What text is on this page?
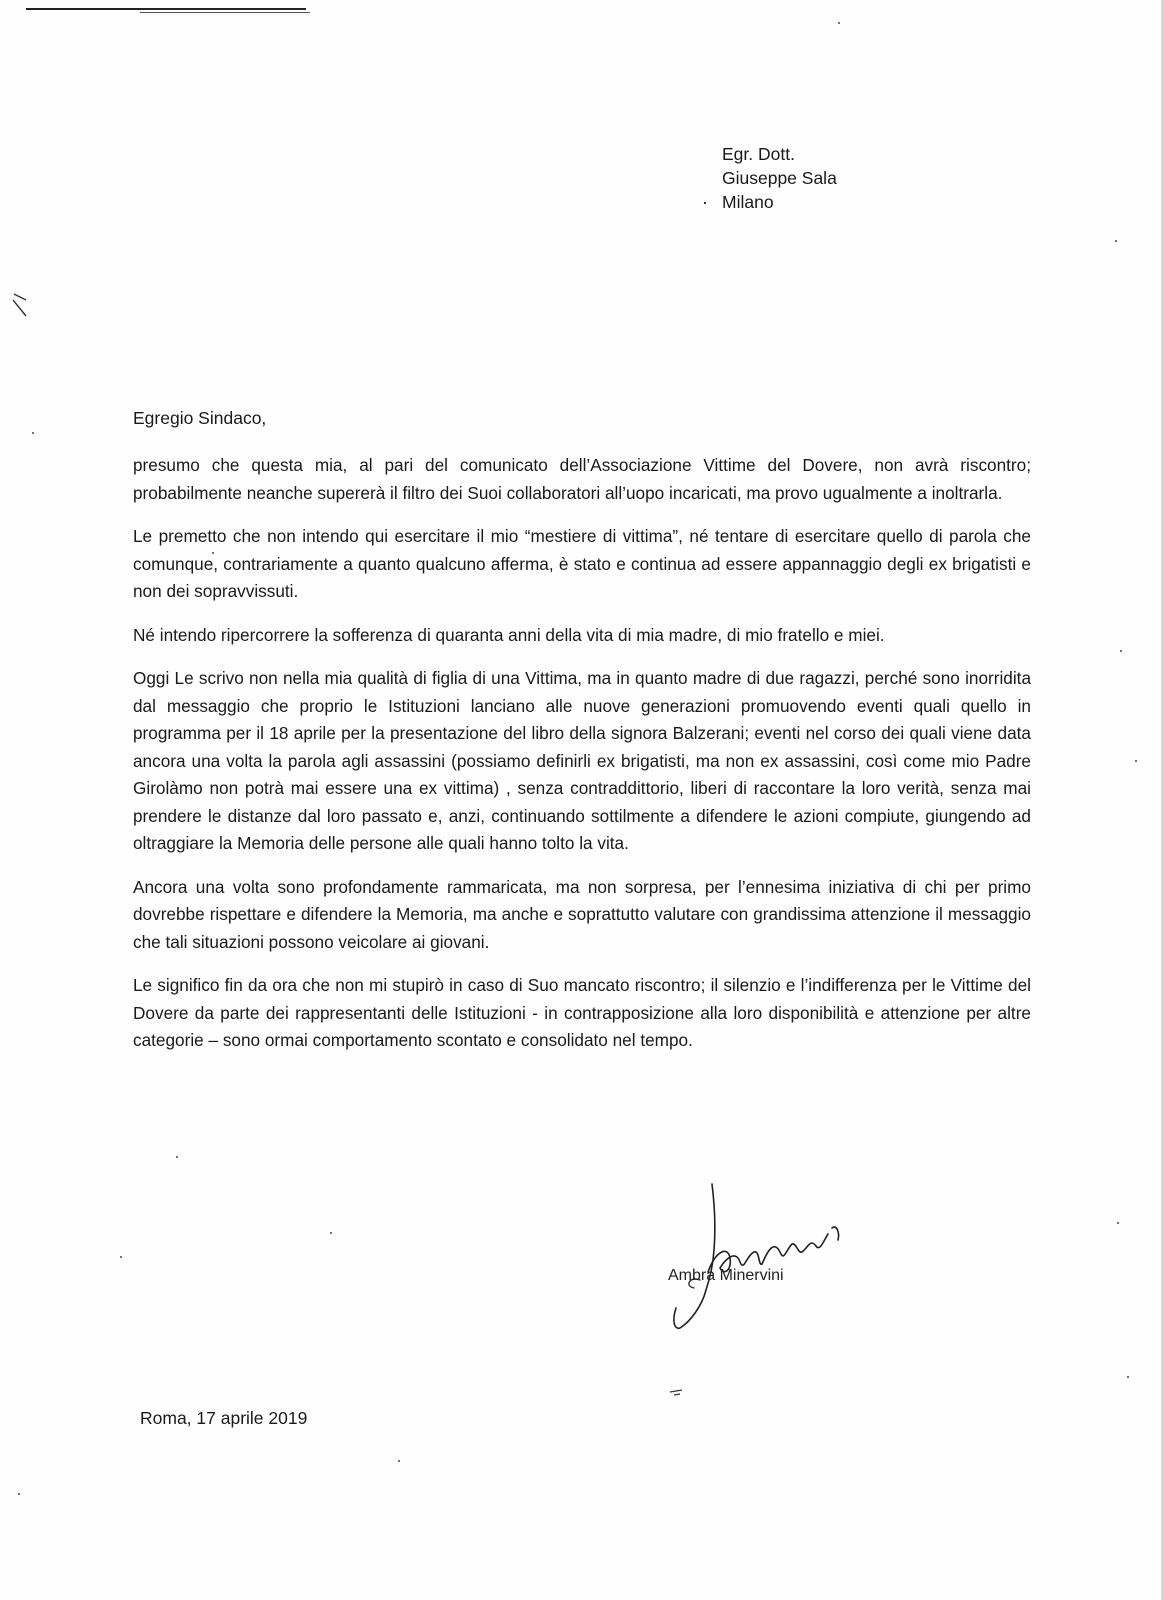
Egr. Dott.
Giuseppe Sala
Milano
Egregio Sindaco,

presumo che questa mia, al pari del comunicato dell’Associazione Vittime del Dovere, non avrà riscontro; probabilmente neanche supererà il filtro dei Suoi collaboratori all’uopo incaricati, ma provo ugualmente a inoltrarla.

Le premetto che non intendo qui esercitare il mio “mestiere di vittima”, né tentare di esercitare quello di parola che comunque, contrariamente a quanto qualcuno afferma, è stato e continua ad essere appannaggio degli ex brigatisti e non dei sopravvissuti.

Né intendo ripercorrere la sofferenza di quaranta anni della vita di mia madre, di mio fratello e miei.

Oggi Le scrivo non nella mia qualità di figlia di una Vittima, ma in quanto madre di due ragazzi, perché sono inorridita dal messaggio che proprio le Istituzioni lanciano alle nuove generazioni promuovendo eventi quali quello in programma per il 18 aprile per la presentazione del libro della signora Balzerani; eventi nel corso dei quali viene data ancora una volta la parola agli assassini (possiamo definirli ex brigatisti, ma non ex assassini, così come mio Padre Girolàmo non potrà mai essere una ex vittima) , senza contraddittorio, liberi di raccontare la loro verità, senza mai prendere le distanze dal loro passato e, anzi, continuando sottilmente a difendere le azioni compiute, giungendo ad oltraggiare la Memoria delle persone alle quali hanno tolto la vita.

Ancora una volta sono profondamente rammaricata, ma non sorpresa, per l’ennesima iniziativa di chi per primo dovrebbe rispettare e difendere la Memoria, ma anche e soprattutto valutare con grandissima attenzione il messaggio che tali situazioni possono veicolare ai giovani.

Le significo fin da ora che non mi stupirò in caso di Suo mancato riscontro; il silenzio e l’indifferenza per le Vittime del Dovere da parte dei rappresentanti delle Istituzioni - in contrapposizione alla loro disponibilità e attenzione per altre categorie – sono ormai comportamento scontato e consolidato nel tempo.

Ambra Minervini
Roma, 17 aprile 2019
